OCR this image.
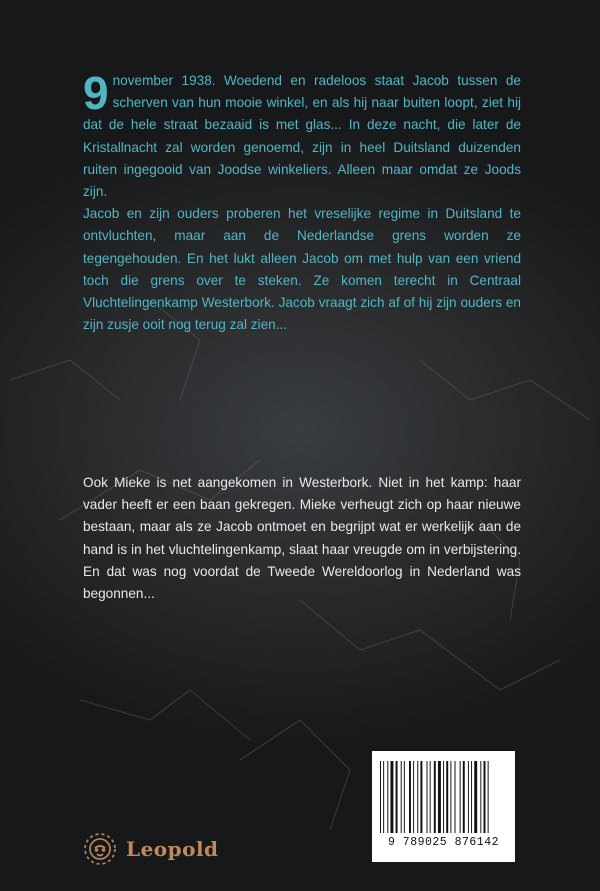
9 november 1938. Woedend en radeloos staat Jacob tussen de scherven van hun mooie winkel, en als hij naar buiten loopt, ziet hij dat de hele straat bezaaid is met glas... In deze nacht, die later de Kristallnacht zal worden genoemd, zijn in heel Duitsland duizenden ruiten ingegooid van Joodse winkeliers. Alleen maar omdat ze Joods zijn.

Jacob en zijn ouders proberen het vreselijke regime in Duitsland te ontvluchten, maar aan de Nederlandse grens worden ze tegengehouden. En het lukt alleen Jacob om met hulp van een vriend toch die grens over te steken. Ze komen terecht in Centraal Vluchtelingenkamp Westerbork. Jacob vraagt zich af of hij zijn ouders en zijn zusje ooit nog terug zal zien...

Ook Mieke is net aangekomen in Westerbork. Niet in het kamp: haar vader heeft er een baan gekregen. Mieke verheugt zich op haar nieuwe bestaan, maar als ze Jacob ontmoet en begrijpt wat er werkelijk aan de hand is in het vluchtelingenkamp, slaat haar vreugde om in verbijstering. En dat was nog voordat de Tweede Wereldoorlog in Nederland was begonnen...

9 789025 876142
Leopold
